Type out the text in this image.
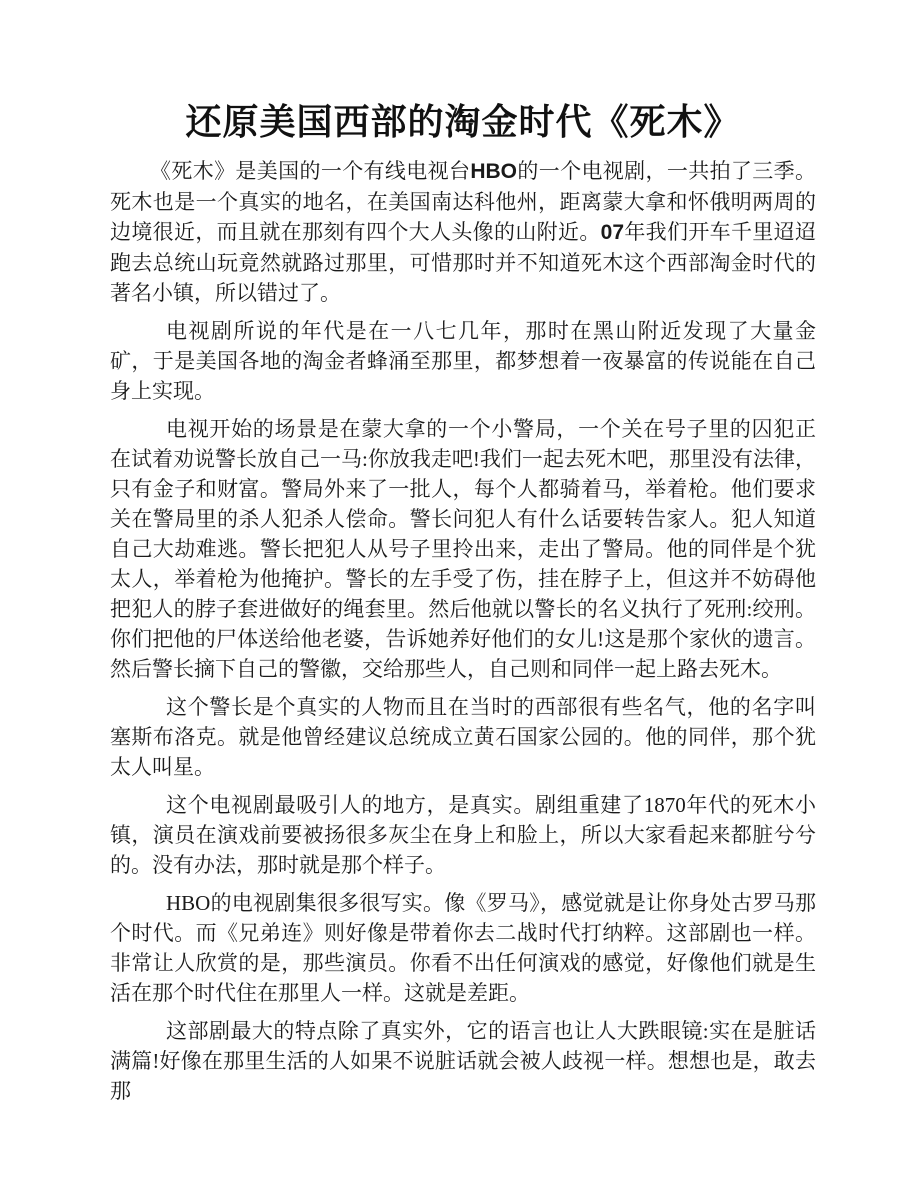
还原美国西部的淘金时代《死木》

《死木》是美国的一个有线电视台HBO的一个电视剧，一共拍了三季。死木也是一个真实的地名，在美国南达科他州，距离蒙大拿和怀俄明两周的边境很近，而且就在那刻有四个大人头像的山附近。07年我们开车千里迢迢跑去总统山玩竟然就路过那里，可惜那时并不知道死木这个西部淘金时代的著名小镇，所以错过了。

电视剧所说的年代是在一八七几年，那时在黑山附近发现了大量金矿，于是美国各地的淘金者蜂涌至那里，都梦想着一夜暴富的传说能在自己身上实现。

电视开始的场景是在蒙大拿的一个小警局，一个关在号子里的囚犯正在试着劝说警长放自己一马:你放我走吧!我们一起去死木吧，那里没有法律，只有金子和财富。警局外来了一批人，每个人都骑着马，举着枪。他们要求关在警局里的杀人犯杀人偿命。警长问犯人有什么话要转告家人。犯人知道自己大劫难逃。警长把犯人从号子里拎出来，走出了警局。他的同伴是个犹太人，举着枪为他掩护。警长的左手受了伤，挂在脖子上，但这并不妨碍他把犯人的脖子套进做好的绳套里。然后他就以警长的名义执行了死刑:绞刑。你们把他的尸体送给他老婆，告诉她养好他们的女儿!这是那个家伙的遗言。然后警长摘下自己的警徽，交给那些人，自己则和同伴一起上路去死木。

这个警长是个真实的人物而且在当时的西部很有些名气，他的名字叫塞斯布洛克。就是他曾经建议总统成立黄石国家公园的。他的同伴，那个犹太人叫星。

这个电视剧最吸引人的地方，是真实。剧组重建了1870年代的死木小镇，演员在演戏前要被扬很多灰尘在身上和脸上，所以大家看起来都脏兮兮的。没有办法，那时就是那个样子。

HBO的电视剧集很多很写实。像《罗马》，感觉就是让你身处古罗马那个时代。而《兄弟连》则好像是带着你去二战时代打纳粹。这部剧也一样。非常让人欣赏的是，那些演员。你看不出任何演戏的感觉，好像他们就是生活在那个时代住在那里人一样。这就是差距。

这部剧最大的特点除了真实外，它的语言也让人大跌眼镜:实在是脏话满篇!好像在那里生活的人如果不说脏话就会被人歧视一样。想想也是，敢去那
